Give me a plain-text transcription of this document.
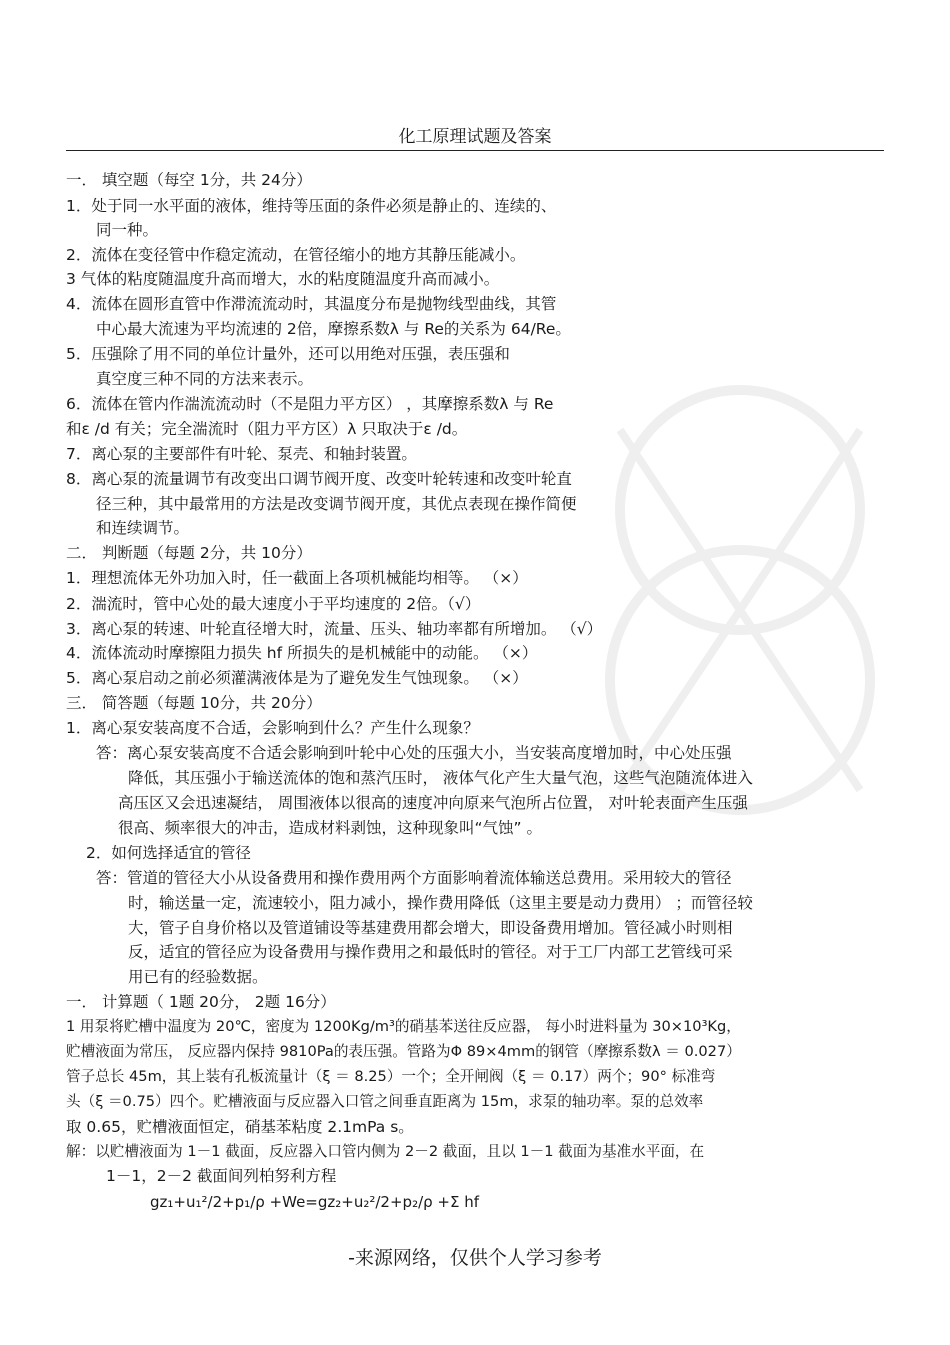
化工原理试题及答案
一． 填空题（每空 1分，共 24分）
1．处于同一水平面的液体，维持等压面的条件必须是静止的、连续的、
同一种。
2．流体在变径管中作稳定流动，在管径缩小的地方其静压能减小。
3 气体的粘度随温度升高而增大，水的粘度随温度升高而减小。
4．流体在圆形直管中作滞流流动时，其温度分布是抛物线型曲线，其管
中心最大流速为平均流速的 2倍，摩擦系数λ 与 Re的关系为 64/Re。
5．压强除了用不同的单位计量外，还可以用绝对压强，表压强和
真空度三种不同的方法来表示。
6．流体在管内作湍流流动时（不是阻力平方区） ，其摩擦系数λ 与 Re
和ε /d 有关；完全湍流时（阻力平方区）λ 只取决于ε /d。
7．离心泵的主要部件有叶轮、泵壳、和轴封装置。
8．离心泵的流量调节有改变出口调节阀开度、改变叶轮转速和改变叶轮直
径三种，其中最常用的方法是改变调节阀开度，其优点表现在操作简便
和连续调节。
二． 判断题（每题 2分，共 10分）
1．理想流体无外功加入时，任一截面上各项机械能均相等。 （×）
2．湍流时，管中心处的最大速度小于平均速度的 2倍。（√）
3．离心泵的转速、叶轮直径增大时，流量、压头、轴功率都有所增加。 （√）
4．流体流动时摩擦阻力损失 hf 所损失的是机械能中的动能。 （×）
5．离心泵启动之前必须灌满液体是为了避免发生气蚀现象。 （×）
三． 简答题（每题 10分，共 20分）
1．离心泵安装高度不合适，会影响到什么？产生什么现象？
答：离心泵安装高度不合适会影响到叶轮中心处的压强大小，当安装高度增加时，中心处压强
降低，其压强小于输送流体的饱和蒸汽压时， 液体气化产生大量气泡，这些气泡随流体进入
高压区又会迅速凝结， 周围液体以很高的速度冲向原来气泡所占位置， 对叶轮表面产生压强
很高、频率很大的冲击，造成材料剥蚀，这种现象叫“气蚀” 。
2．如何选择适宜的管径
答：管道的管径大小从设备费用和操作费用两个方面影响着流体输送总费用。采用较大的管径
时，输送量一定，流速较小，阻力减小，操作费用降低（这里主要是动力费用） ；而管径较
大，管子自身价格以及管道铺设等基建费用都会增大，即设备费用增加。管径减小时则相
反，适宜的管径应为设备费用与操作费用之和最低时的管径。对于工厂内部工艺管线可采
用已有的经验数据。
一． 计算题（ 1题 20分， 2题 16分）
1 用泵将贮槽中温度为 20℃，密度为 1200Kg/m³的硝基苯送往反应器， 每小时进料量为 30×10³Kg，
贮槽液面为常压， 反应器内保持 9810Pa的表压强。管路为Φ 89×4mm的钢管（摩擦系数λ ＝ 0.027）
管子总长 45m，其上装有孔板流量计（ξ ＝ 8.25）一个；全开闸阀（ξ ＝ 0.17）两个；90° 标准弯
头（ξ ＝0.75）四个。贮槽液面与反应器入口管之间垂直距离为 15m，求泵的轴功率。泵的总效率
取 0.65，贮槽液面恒定，硝基苯粘度 2.1mPa s。
解：以贮槽液面为 1－1 截面，反应器入口管内侧为 2－2 截面，且以 1－1 截面为基准水平面，在
1－1，2－2 截面间列柏努利方程
gz₁+u₁²/2+p₁/ρ +We=gz₂+u₂²/2+p₂/ρ +Σ hf
-来源网络，仅供个人学习参考
